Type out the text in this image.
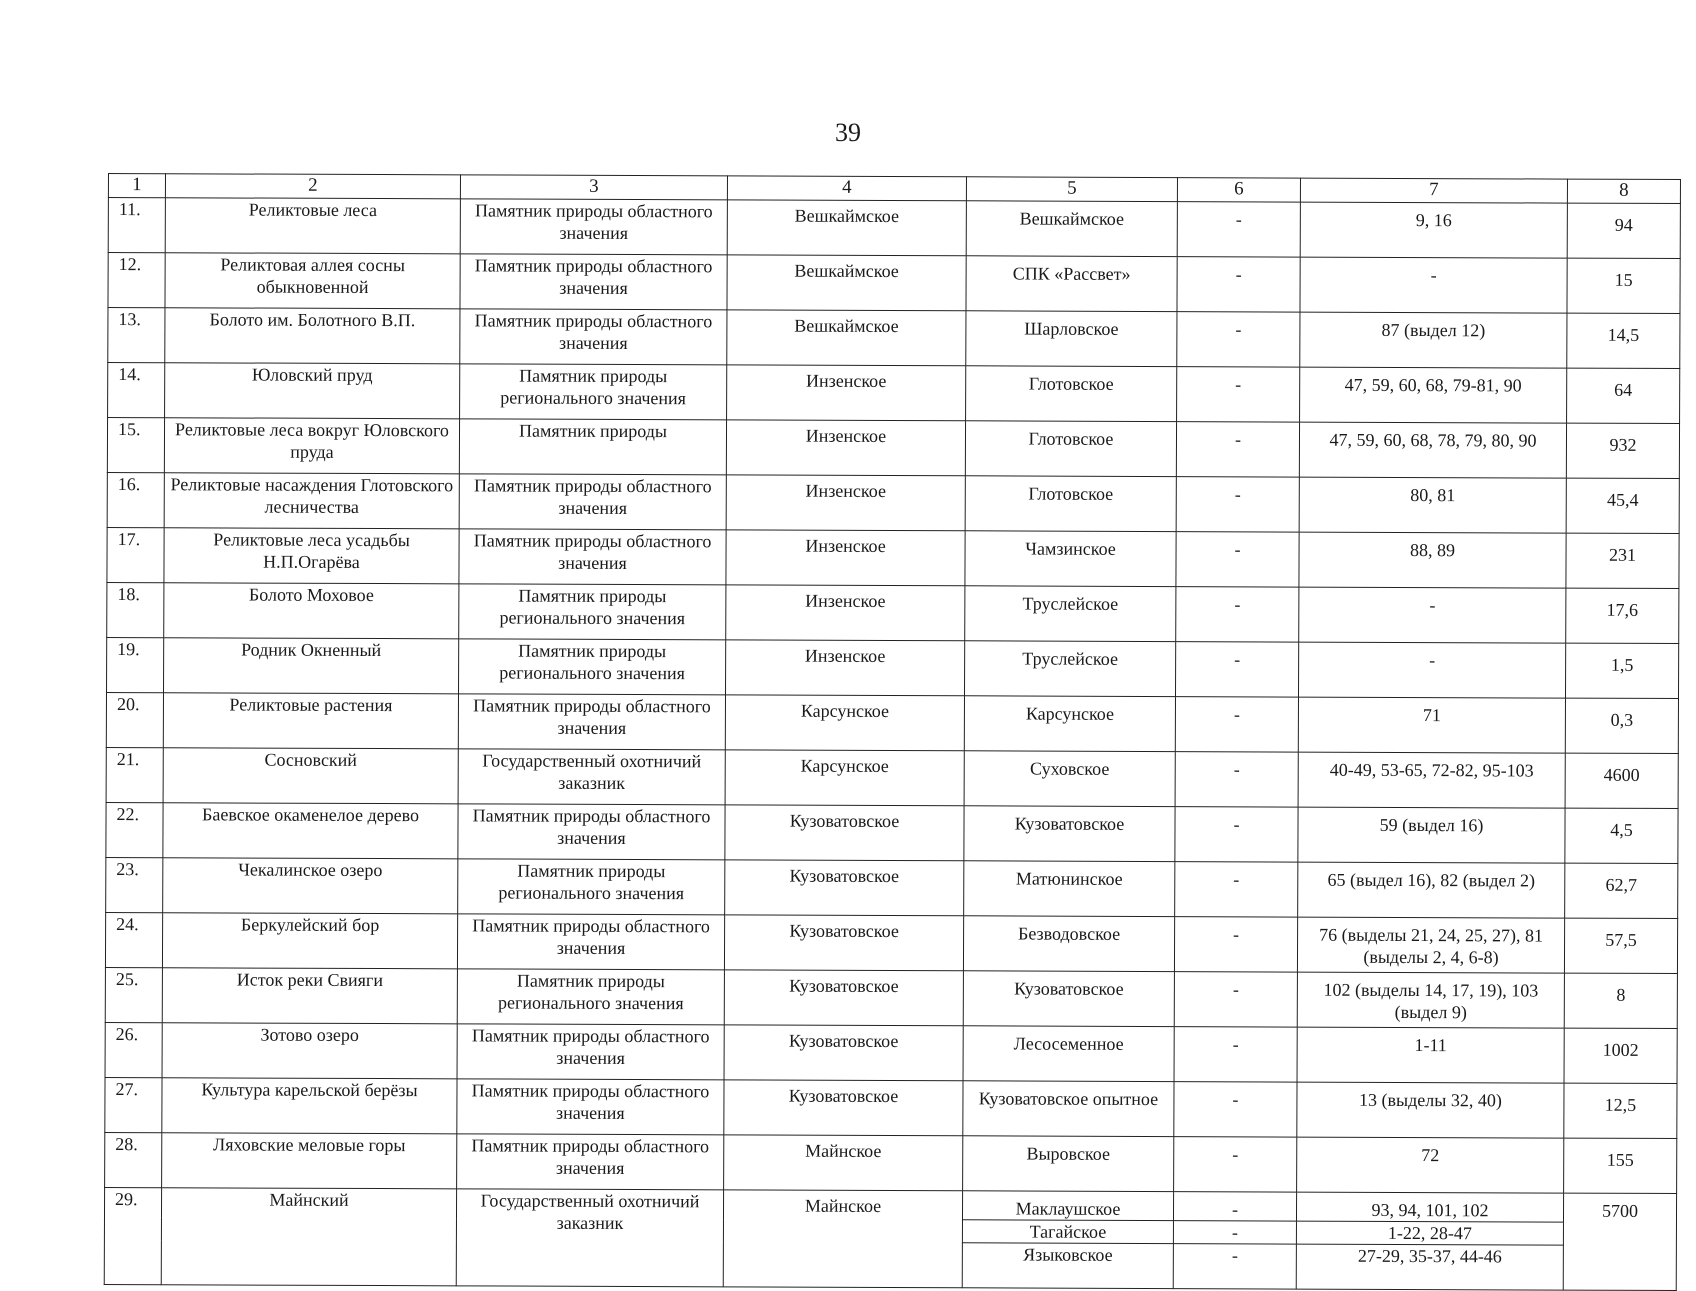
39
1	2	3	4	5	6	7	8
11.	Реликтовые леса	Памятник природы областного значения	Вешкаймское	Вешкаймское	-	9, 16	94
12.	Реликтовая аллея сосны обыкновенной	Памятник природы областного значения	Вешкаймское	СПК «Рассвет»	-	-	15
13.	Болото им. Болотного В.П.	Памятник природы областного значения	Вешкаймское	Шарловское	-	87 (выдел 12)	14,5
14.	Юловский пруд	Памятник природы регионального значения	Инзенское	Глотовское	-	47, 59, 60, 68, 79-81, 90	64
15.	Реликтовые леса вокруг Юловского пруда	Памятник природы	Инзенское	Глотовское	-	47, 59, 60, 68, 78, 79, 80, 90	932
16.	Реликтовые насаждения Глотовского лесничества	Памятник природы областного значения	Инзенское	Глотовское	-	80, 81	45,4
17.	Реликтовые леса усадьбы Н.П.Огарёва	Памятник природы областного значения	Инзенское	Чамзинское	-	88, 89	231
18.	Болото Моховое	Памятник природы регионального значения	Инзенское	Труслейское	-	-	17,6
19.	Родник Окненный	Памятник природы регионального значения	Инзенское	Труслейское	-	-	1,5
20.	Реликтовые растения	Памятник природы областного значения	Карсунское	Карсунское	-	71	0,3
21.	Сосновский	Государственный охотничий заказник	Карсунское	Суховское	-	40-49, 53-65, 72-82, 95-103	4600
22.	Баевское окаменелое дерево	Памятник природы областного значения	Кузоватовское	Кузоватовское	-	59 (выдел 16)	4,5
23.	Чекалинское озеро	Памятник природы регионального значения	Кузоватовское	Матюнинское	-	65 (выдел 16), 82 (выдел 2)	62,7
24.	Беркулейский бор	Памятник природы областного значения	Кузоватовское	Безводовское	-	76 (выделы 21, 24, 25, 27), 81 (выделы 2, 4, 6-8)	57,5
25.	Исток реки Свияги	Памятник природы регионального значения	Кузоватовское	Кузоватовское	-	102 (выделы 14, 17, 19), 103 (выдел 9)	8
26.	Зотово озеро	Памятник природы областного значения	Кузоватовское	Лесосеменное	-	1-11	1002
27.	Культура карельской берёзы	Памятник природы областного значения	Кузоватовское	Кузоватовское опытное	-	13 (выделы 32, 40)	12,5
28.	Ляховские меловые горы	Памятник природы областного значения	Майнское	Выровское	-	72	155
29.	Майнский	Государственный охотничий заказник	Майнское	Маклаушское	-	93, 94, 101, 102	5700
				Тагайское	-	1-22, 28-47	
				Языковское	-	27-29, 35-37, 44-46	
